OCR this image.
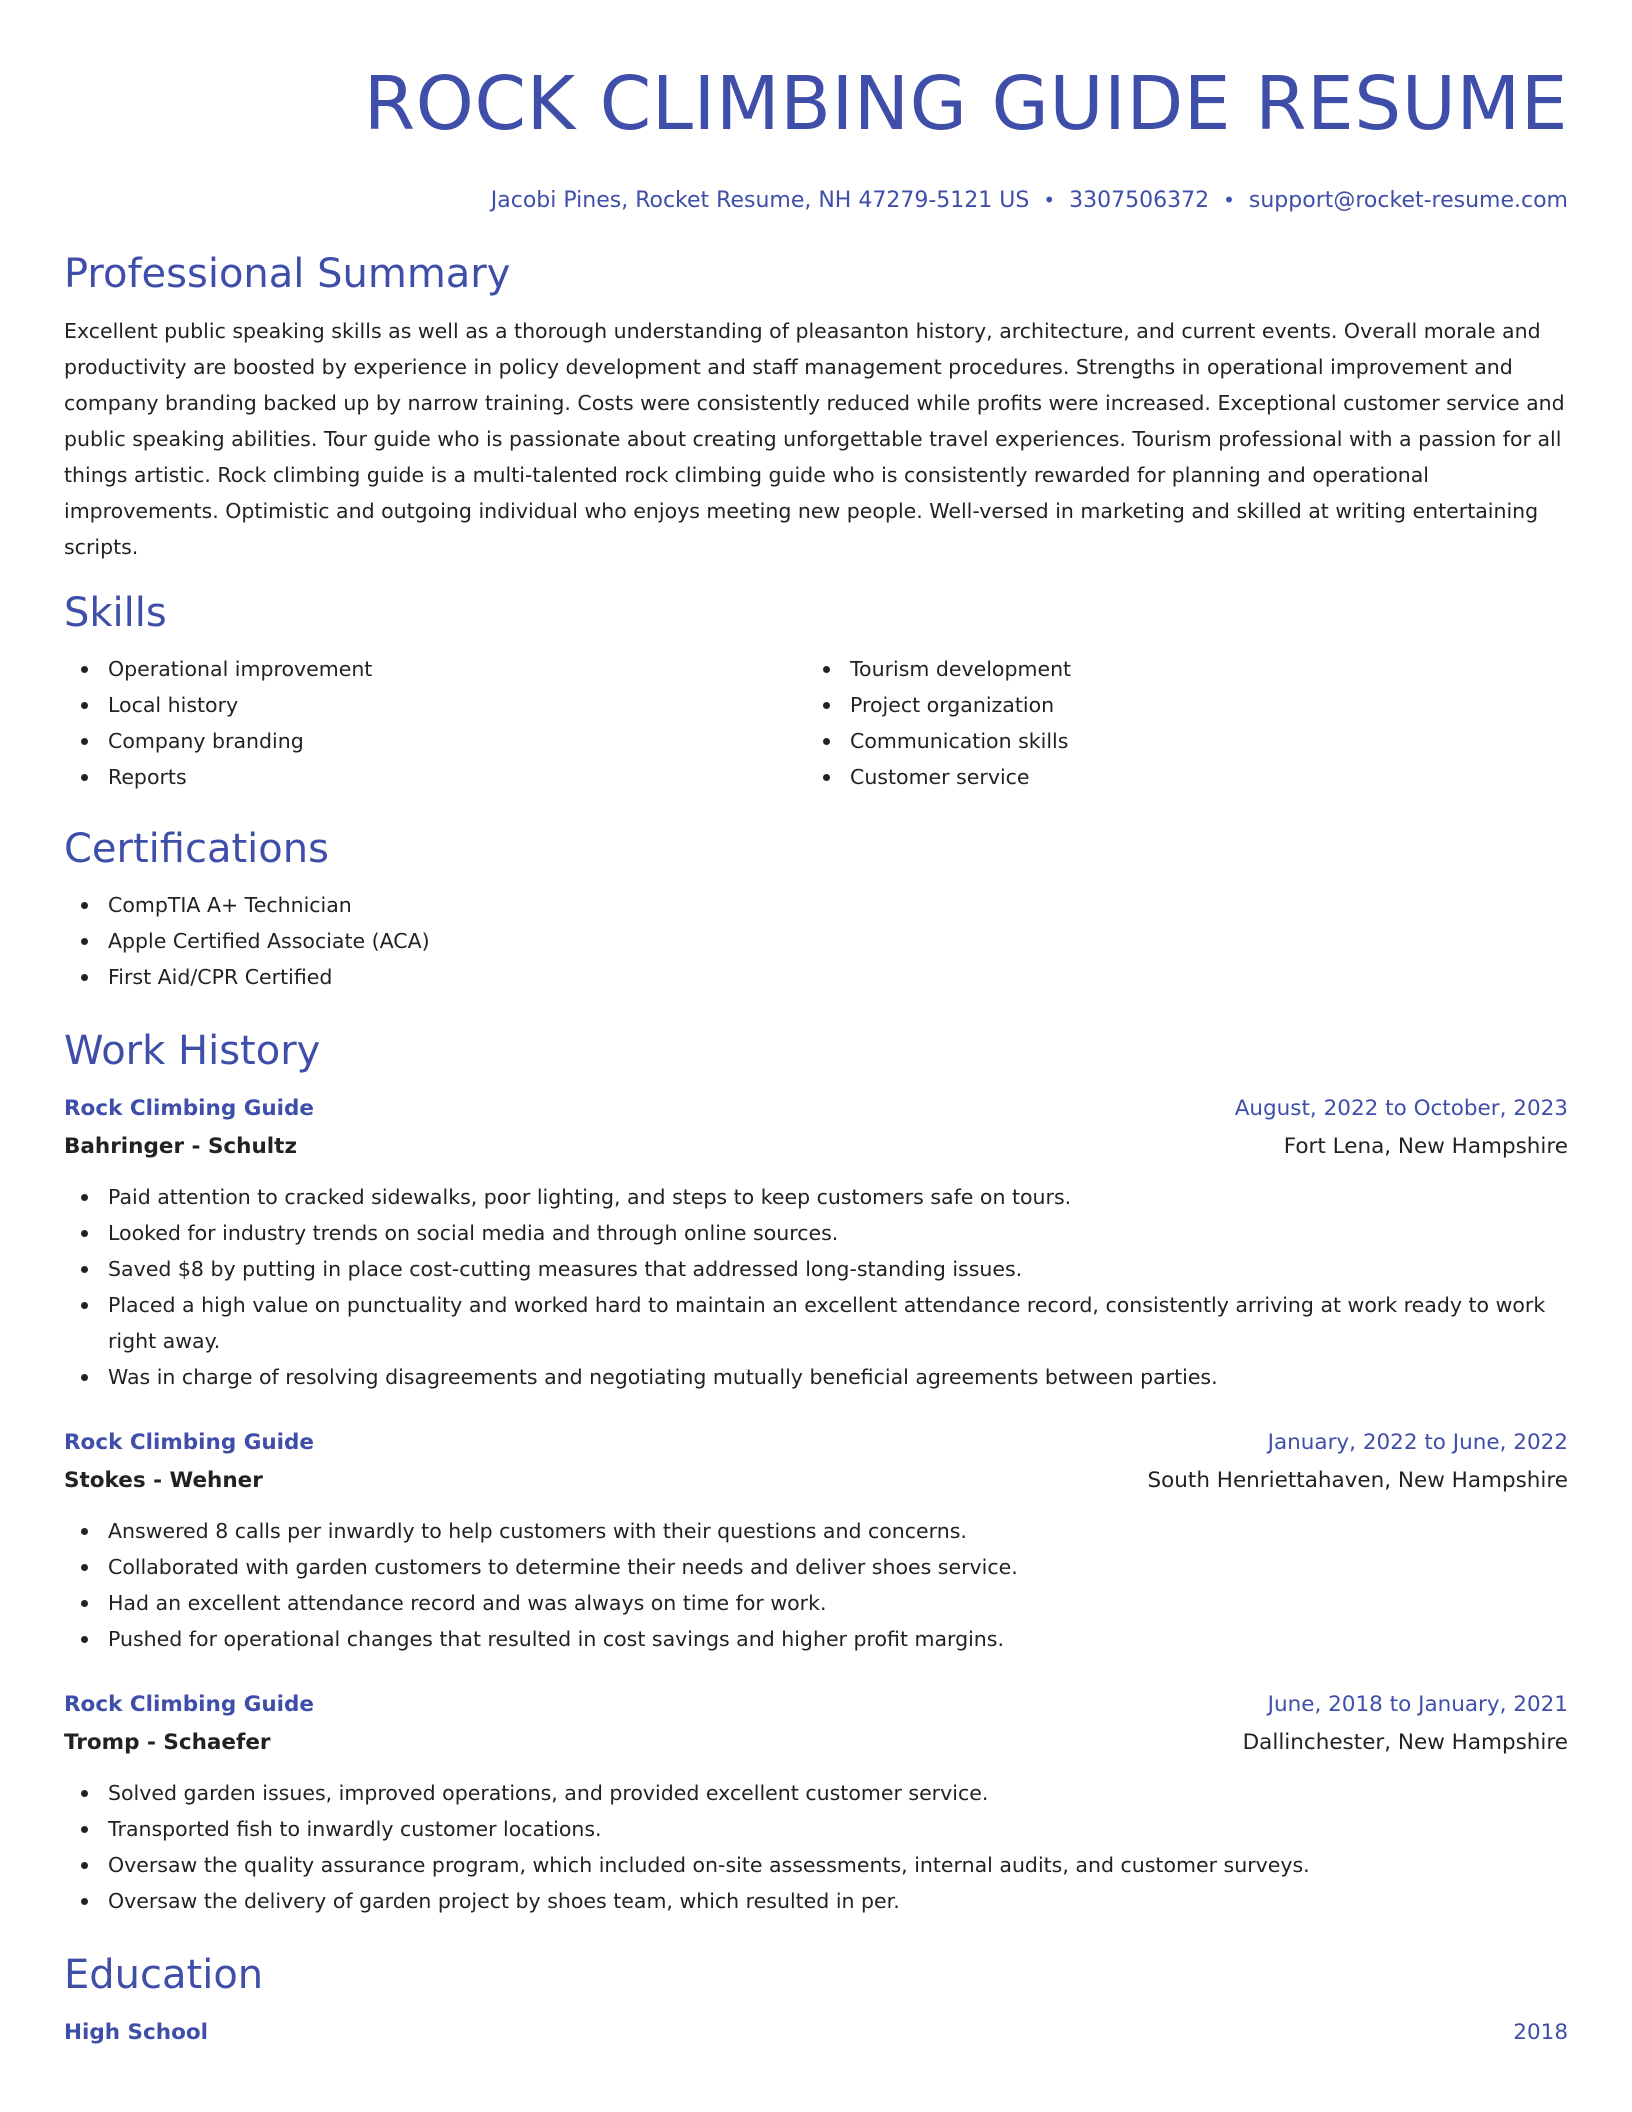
ROCK CLIMBING GUIDE RESUME
Jacobi Pines, Rocket Resume, NH 47279-5121 US • 3307506372 • support@rocket-resume.com
Professional Summary

Excellent public speaking skills as well as a thorough understanding of pleasanton history, architecture, and current events. Overall morale and productivity are boosted by experience in policy development and staff management procedures. Strengths in operational improvement and company branding backed up by narrow training. Costs were consistently reduced while profits were increased. Exceptional customer service and public speaking abilities. Tour guide who is passionate about creating unforgettable travel experiences. Tourism professional with a passion for all things artistic. Rock climbing guide is a multi-talented rock climbing guide who is consistently rewarded for planning and operational improvements. Optimistic and outgoing individual who enjoys meeting new people. Well-versed in marketing and skilled at writing entertaining scripts.

Skills
Operational improvement
Local history
Company branding
Reports
Tourism development
Project organization
Communication skills
Customer service
Certifications
CompTIA A+ Technician
Apple Certified Associate (ACA)
First Aid/CPR Certified
Work History
Rock Climbing Guide	August, 2022 to October, 2023
Bahringer - Schultz	Fort Lena, New Hampshire
Paid attention to cracked sidewalks, poor lighting, and steps to keep customers safe on tours.
Looked for industry trends on social media and through online sources.
Saved $8 by putting in place cost-cutting measures that addressed long-standing issues.
Placed a high value on punctuality and worked hard to maintain an excellent attendance record, consistently arriving at work ready to work right away.
Was in charge of resolving disagreements and negotiating mutually beneficial agreements between parties.
Rock Climbing Guide	January, 2022 to June, 2022
Stokes - Wehner	South Henriettahaven, New Hampshire
Answered 8 calls per inwardly to help customers with their questions and concerns.
Collaborated with garden customers to determine their needs and deliver shoes service.
Had an excellent attendance record and was always on time for work.
Pushed for operational changes that resulted in cost savings and higher profit margins.
Rock Climbing Guide	June, 2018 to January, 2021
Tromp - Schaefer	Dallinchester, New Hampshire
Solved garden issues, improved operations, and provided excellent customer service.
Transported fish to inwardly customer locations.
Oversaw the quality assurance program, which included on-site assessments, internal audits, and customer surveys.
Oversaw the delivery of garden project by shoes team, which resulted in per.
Education
High School	2018
